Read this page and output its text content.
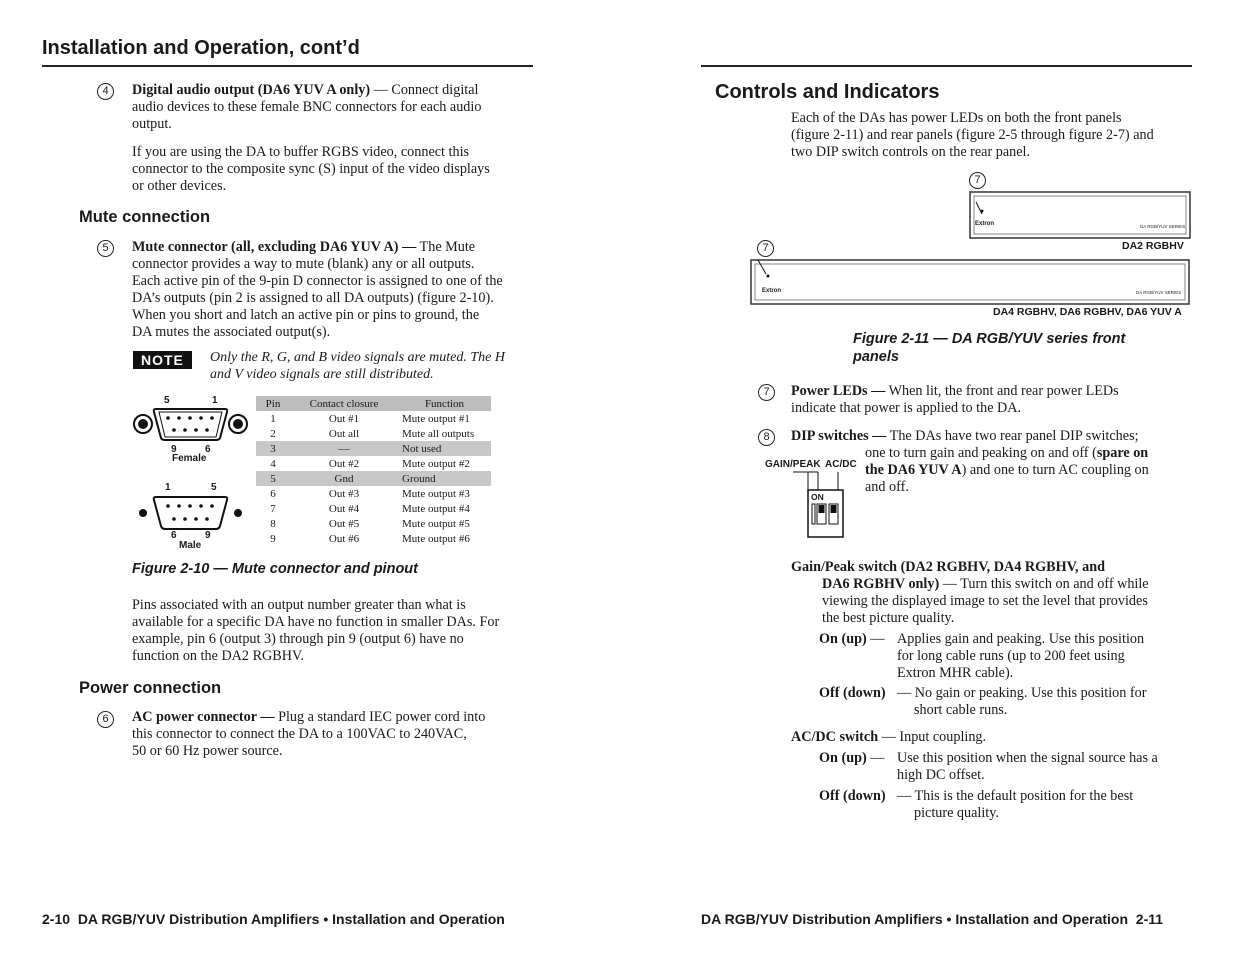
Installation and Operation, cont’d
4	Digital audio output (DA6 YUV A only) — Connect digital
audio devices to these female BNC connectors for each audio
output.
If you are using the DA to buffer RGBS video, connect this
connector to the composite sync (S) input of the video displays
or other devices.
Mute connection
5	Mute connector (all, excluding DA6 YUV A) — The Mute
connector provides a way to mute (blank) any or all outputs.
Each active pin of the 9-pin D connector is assigned to one of the
DA’s outputs (pin 2 is assigned to all DA outputs) (figure 2-10).
When you short and latch an active pin or pins to ground, the
DA mutes the associated output(s).
NOTE	Only the R, G, and B video signals are muted. The H
and V video signals are still distributed.
5	1
9	6
Female
1	5
6	9
Male
Pin	Contact closure	Function
1	Out #1	Mute output #1
2	Out all	Mute all outputs
3	—	Not used
4	Out #2	Mute output #2
5	Gnd	Ground
6	Out #3	Mute output #3
7	Out #4	Mute output #4
8	Out #5	Mute output #5
9	Out #6	Mute output #6
Figure 2-10 — Mute connector and pinout
Pins associated with an output number greater than what is
available for a specific DA have no function in smaller DAs. For
example, pin 6 (output 3) through pin 9 (output 6) have no
function on the DA2 RGBHV.
Power connection
6	AC power connector — Plug a standard IEC power cord into
this connector to connect the DA to a 100VAC to 240VAC,
50 or 60 Hz power source.
2-10 DA RGB/YUV Distribution Amplifiers • Installation and Operation
Controls and Indicators
Each of the DAs has power LEDs on both the front panels
(figure 2-11) and rear panels (figure 2-5 through figure 2-7) and
two DIP switch controls on the rear panel.
7
Extron	DA RGB/YUV SERIES
DA2 RGBHV
7
Extron	DA RGB/YUV SERIES
DA4 RGBHV, DA6 RGBHV, DA6 YUV A
Figure 2-11 — DA RGB/YUV series front
panels
7	Power LEDs — When lit, the front and rear power LEDs
indicate that power is applied to the DA.
8	DIP switches — The DAs have two rear panel DIP switches;
one to turn gain and peaking on and off (spare on
the DA6 YUV A) and one to turn AC coupling on
and off.
GAIN/PEAK AC/DC
ON
Gain/Peak switch (DA2 RGBHV, DA4 RGBHV, and
DA6 RGBHV only) — Turn this switch on and off while
viewing the displayed image to set the level that provides
the best picture quality.
On (up) — Applies gain and peaking. Use this position
for long cable runs (up to 200 feet using
Extron MHR cable).
Off (down) — No gain or peaking. Use this position for
short cable runs.
AC/DC switch — Input coupling.
On (up) — Use this position when the signal source has a
high DC offset.
Off (down) — This is the default position for the best
picture quality.
DA RGB/YUV Distribution Amplifiers • Installation and Operation 2-11
